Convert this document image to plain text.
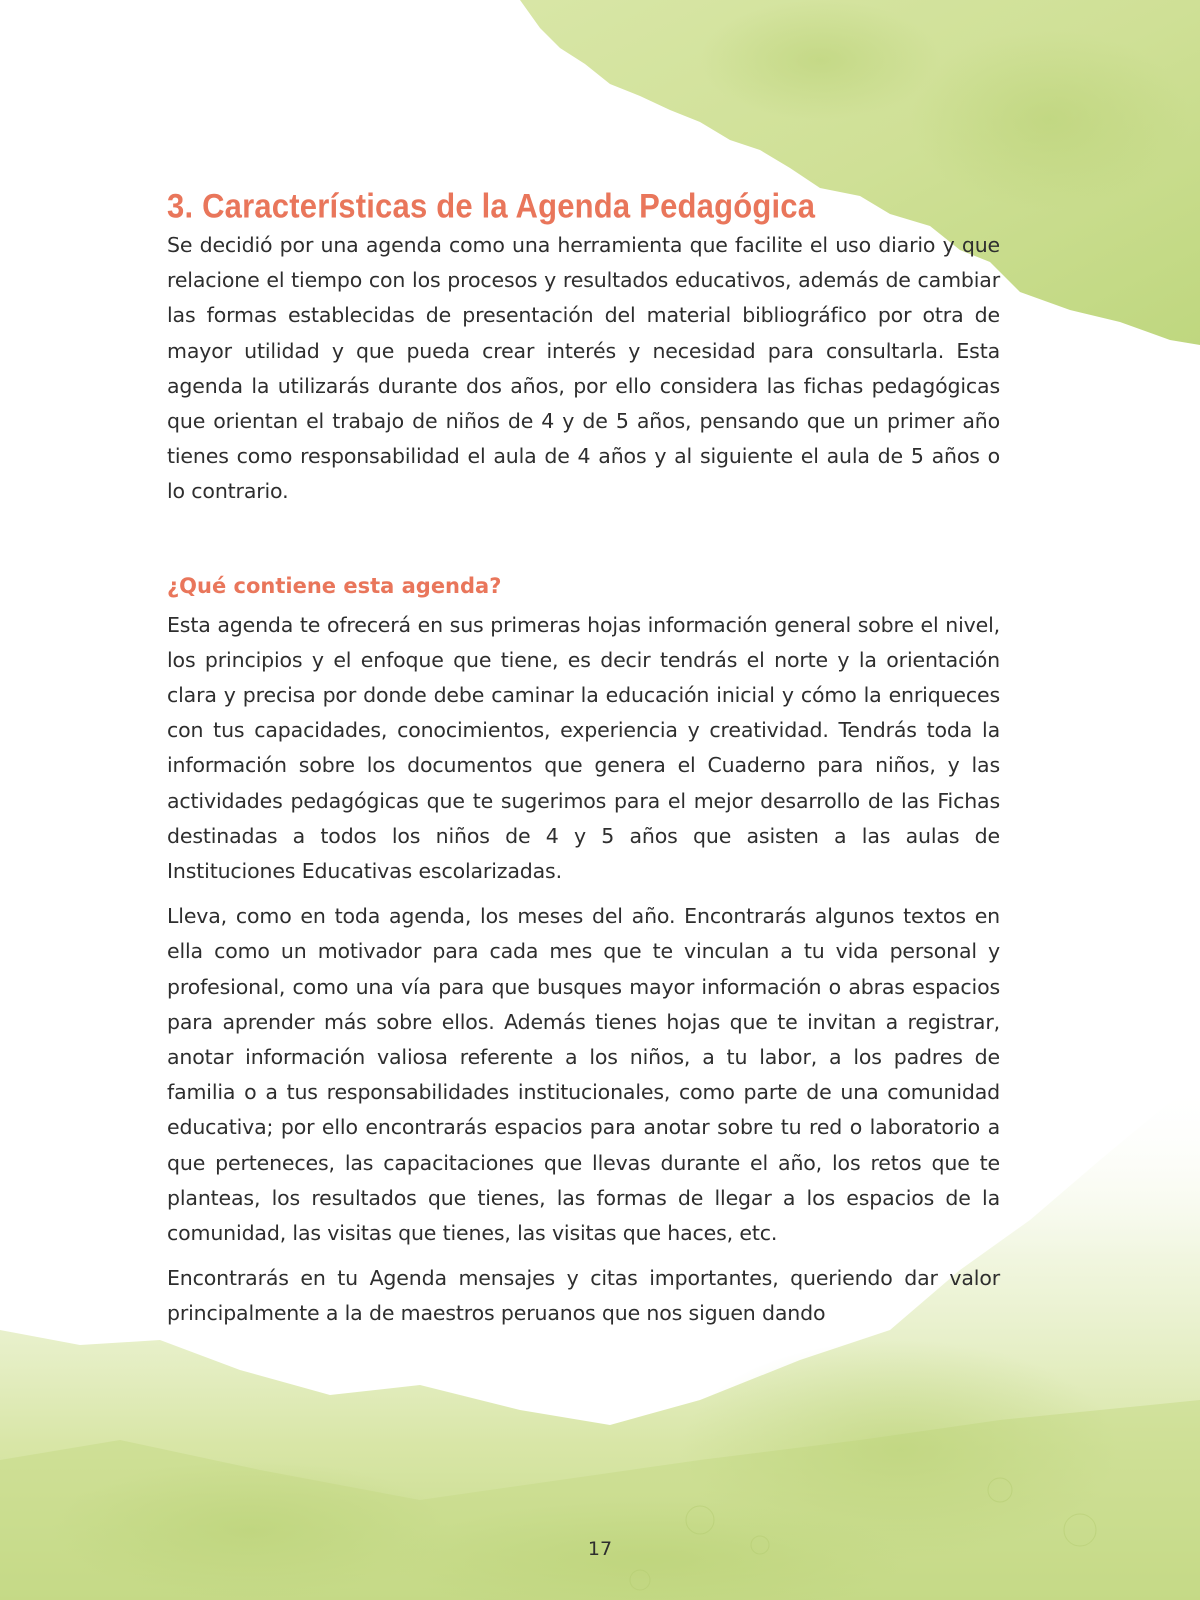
3. Características de la Agenda Pedagógica

Se decidió por una agenda como una herramienta que facilite el uso diario y que relacione el tiempo con los procesos y resultados educativos, además de cambiar las formas establecidas de presentación del material bibliográfico por otra de mayor utilidad y que pueda crear interés y necesidad para consultarla. Esta agenda la utilizarás durante dos años, por ello considera las fichas pedagógicas que orientan el trabajo de niños de 4 y de 5 años, pensando que un primer año tienes como responsabilidad el aula de 4 años y al siguiente el aula de 5 años o lo contrario.

¿Qué contiene esta agenda?

Esta agenda te ofrecerá en sus primeras hojas información general sobre el nivel, los principios y el enfoque que tiene, es decir tendrás el norte y la orientación clara y precisa por donde debe caminar la educación inicial y cómo la enriqueces con tus capacidades, conocimientos, experiencia y creatividad. Tendrás toda la información sobre los documentos que genera el Cuaderno para niños, y las actividades pedagógicas que te sugerimos para el mejor desarrollo de las Fichas destinadas a todos los niños de 4 y 5 años que asisten a las aulas de Instituciones Educativas escolarizadas.

Lleva, como en toda agenda, los meses del año. Encontrarás algunos textos en ella como un motivador para cada mes que te vinculan a tu vida personal y profesional, como una vía para que busques mayor información o abras espacios para aprender más sobre ellos. Además tienes hojas que te invitan a registrar, anotar información valiosa referente a los niños, a tu labor, a los padres de familia o a tus responsabilidades institucionales, como parte de una comunidad educativa; por ello encontrarás espacios para anotar sobre tu red o laboratorio a que perteneces, las capacitaciones que llevas durante el año, los retos que te planteas, los resultados que tienes, las formas de llegar a los espacios de la comunidad, las visitas que tienes, las visitas que haces, etc.

Encontrarás en tu Agenda mensajes y citas importantes, queriendo dar valor principalmente a la de maestros peruanos que nos siguen dando

17
